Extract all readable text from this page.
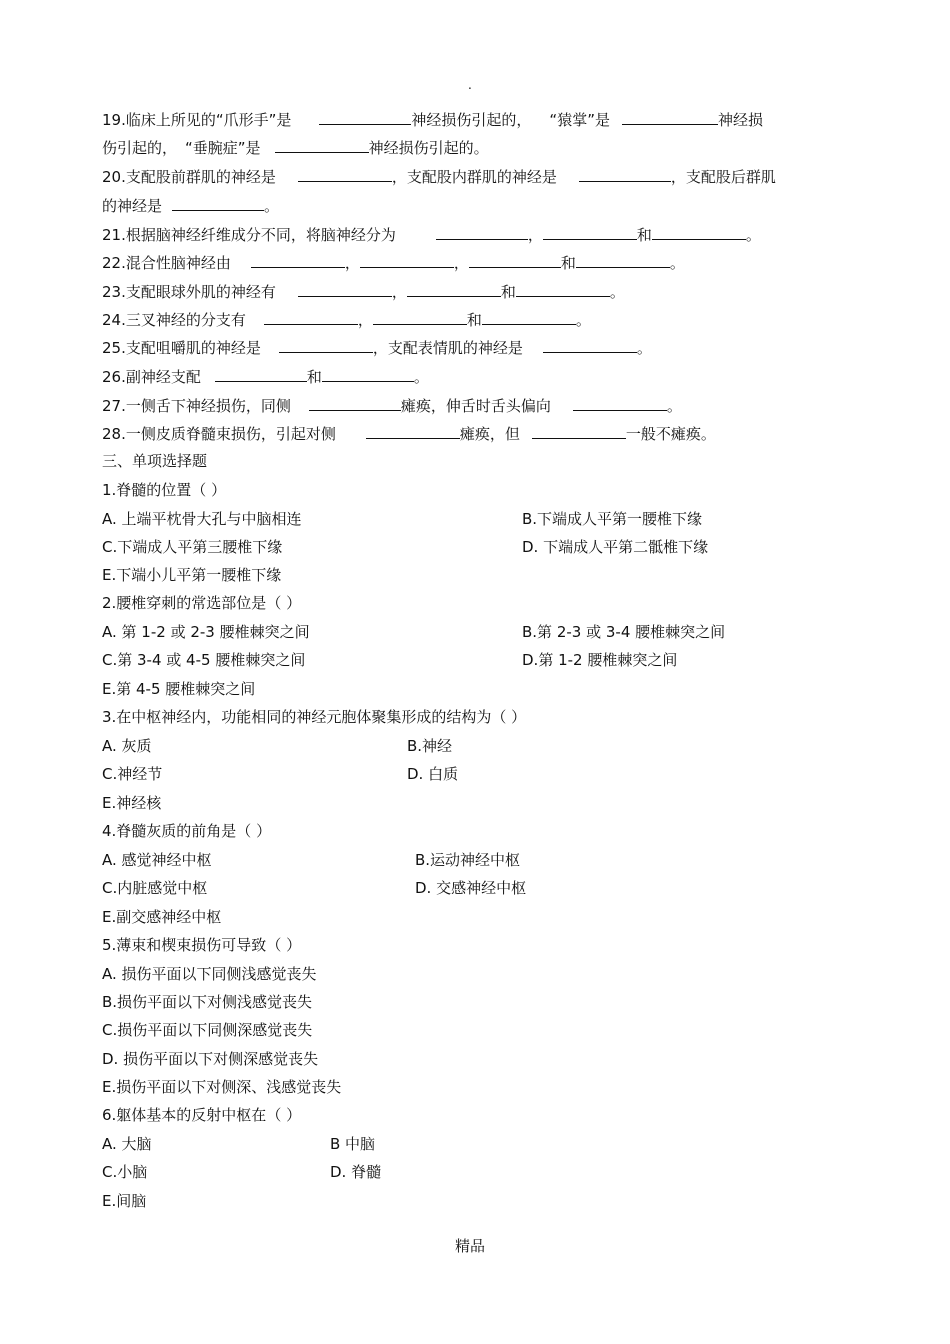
.
19.临床上所见的“爪形手”是	神经损伤引起的， “猿掌”是	神经损
伤引起的， “垂腕症”是	神经损伤引起的。
20.支配股前群肌的神经是	，支配股内群肌的神经是	，支配股后群肌
的神经是	。
21.根据脑神经纤维成分不同，将脑神经分为	，	和	。
22.混合性脑神经由	，	，	和	。
23.支配眼球外肌的神经有	，	和	。
24.三叉神经的分支有	，	和	。
25.支配咀嚼肌的神经是	，支配表情肌的神经是	。
26.副神经支配	和	。
27.一侧舌下神经损伤，同侧	瘫痪，伸舌时舌头偏向	。
28.一侧皮质脊髓束损伤，引起对侧	瘫痪，但	一般不瘫痪。
三、单项选择题
1.脊髓的位置（ ）
A. 上端平枕骨大孔与中脑相连	B.下端成人平第一腰椎下缘
C.下端成人平第三腰椎下缘	D. 下端成人平第二骶椎下缘
E.下端小儿平第一腰椎下缘
2.腰椎穿刺的常选部位是（ ）
A. 第 1-2 或 2-3 腰椎棘突之间	B.第 2-3 或 3-4 腰椎棘突之间
C.第 3-4 或 4-5 腰椎棘突之间	D.第 1-2 腰椎棘突之间
E.第 4-5 腰椎棘突之间
3.在中枢神经内，功能相同的神经元胞体聚集形成的结构为（ ）
A. 灰质	B.神经
C.神经节	D. 白质
E.神经核
4.脊髓灰质的前角是（ ）
A. 感觉神经中枢	B.运动神经中枢
C.内脏感觉中枢	D. 交感神经中枢
E.副交感神经中枢
5.薄束和楔束损伤可导致（ ）
A. 损伤平面以下同侧浅感觉丧失
B.损伤平面以下对侧浅感觉丧失
C.损伤平面以下同侧深感觉丧失
D. 损伤平面以下对侧深感觉丧失
E.损伤平面以下对侧深、浅感觉丧失
6.躯体基本的反射中枢在（ ）
A. 大脑	B 中脑
C.小脑	D. 脊髓
E.间脑
精品
